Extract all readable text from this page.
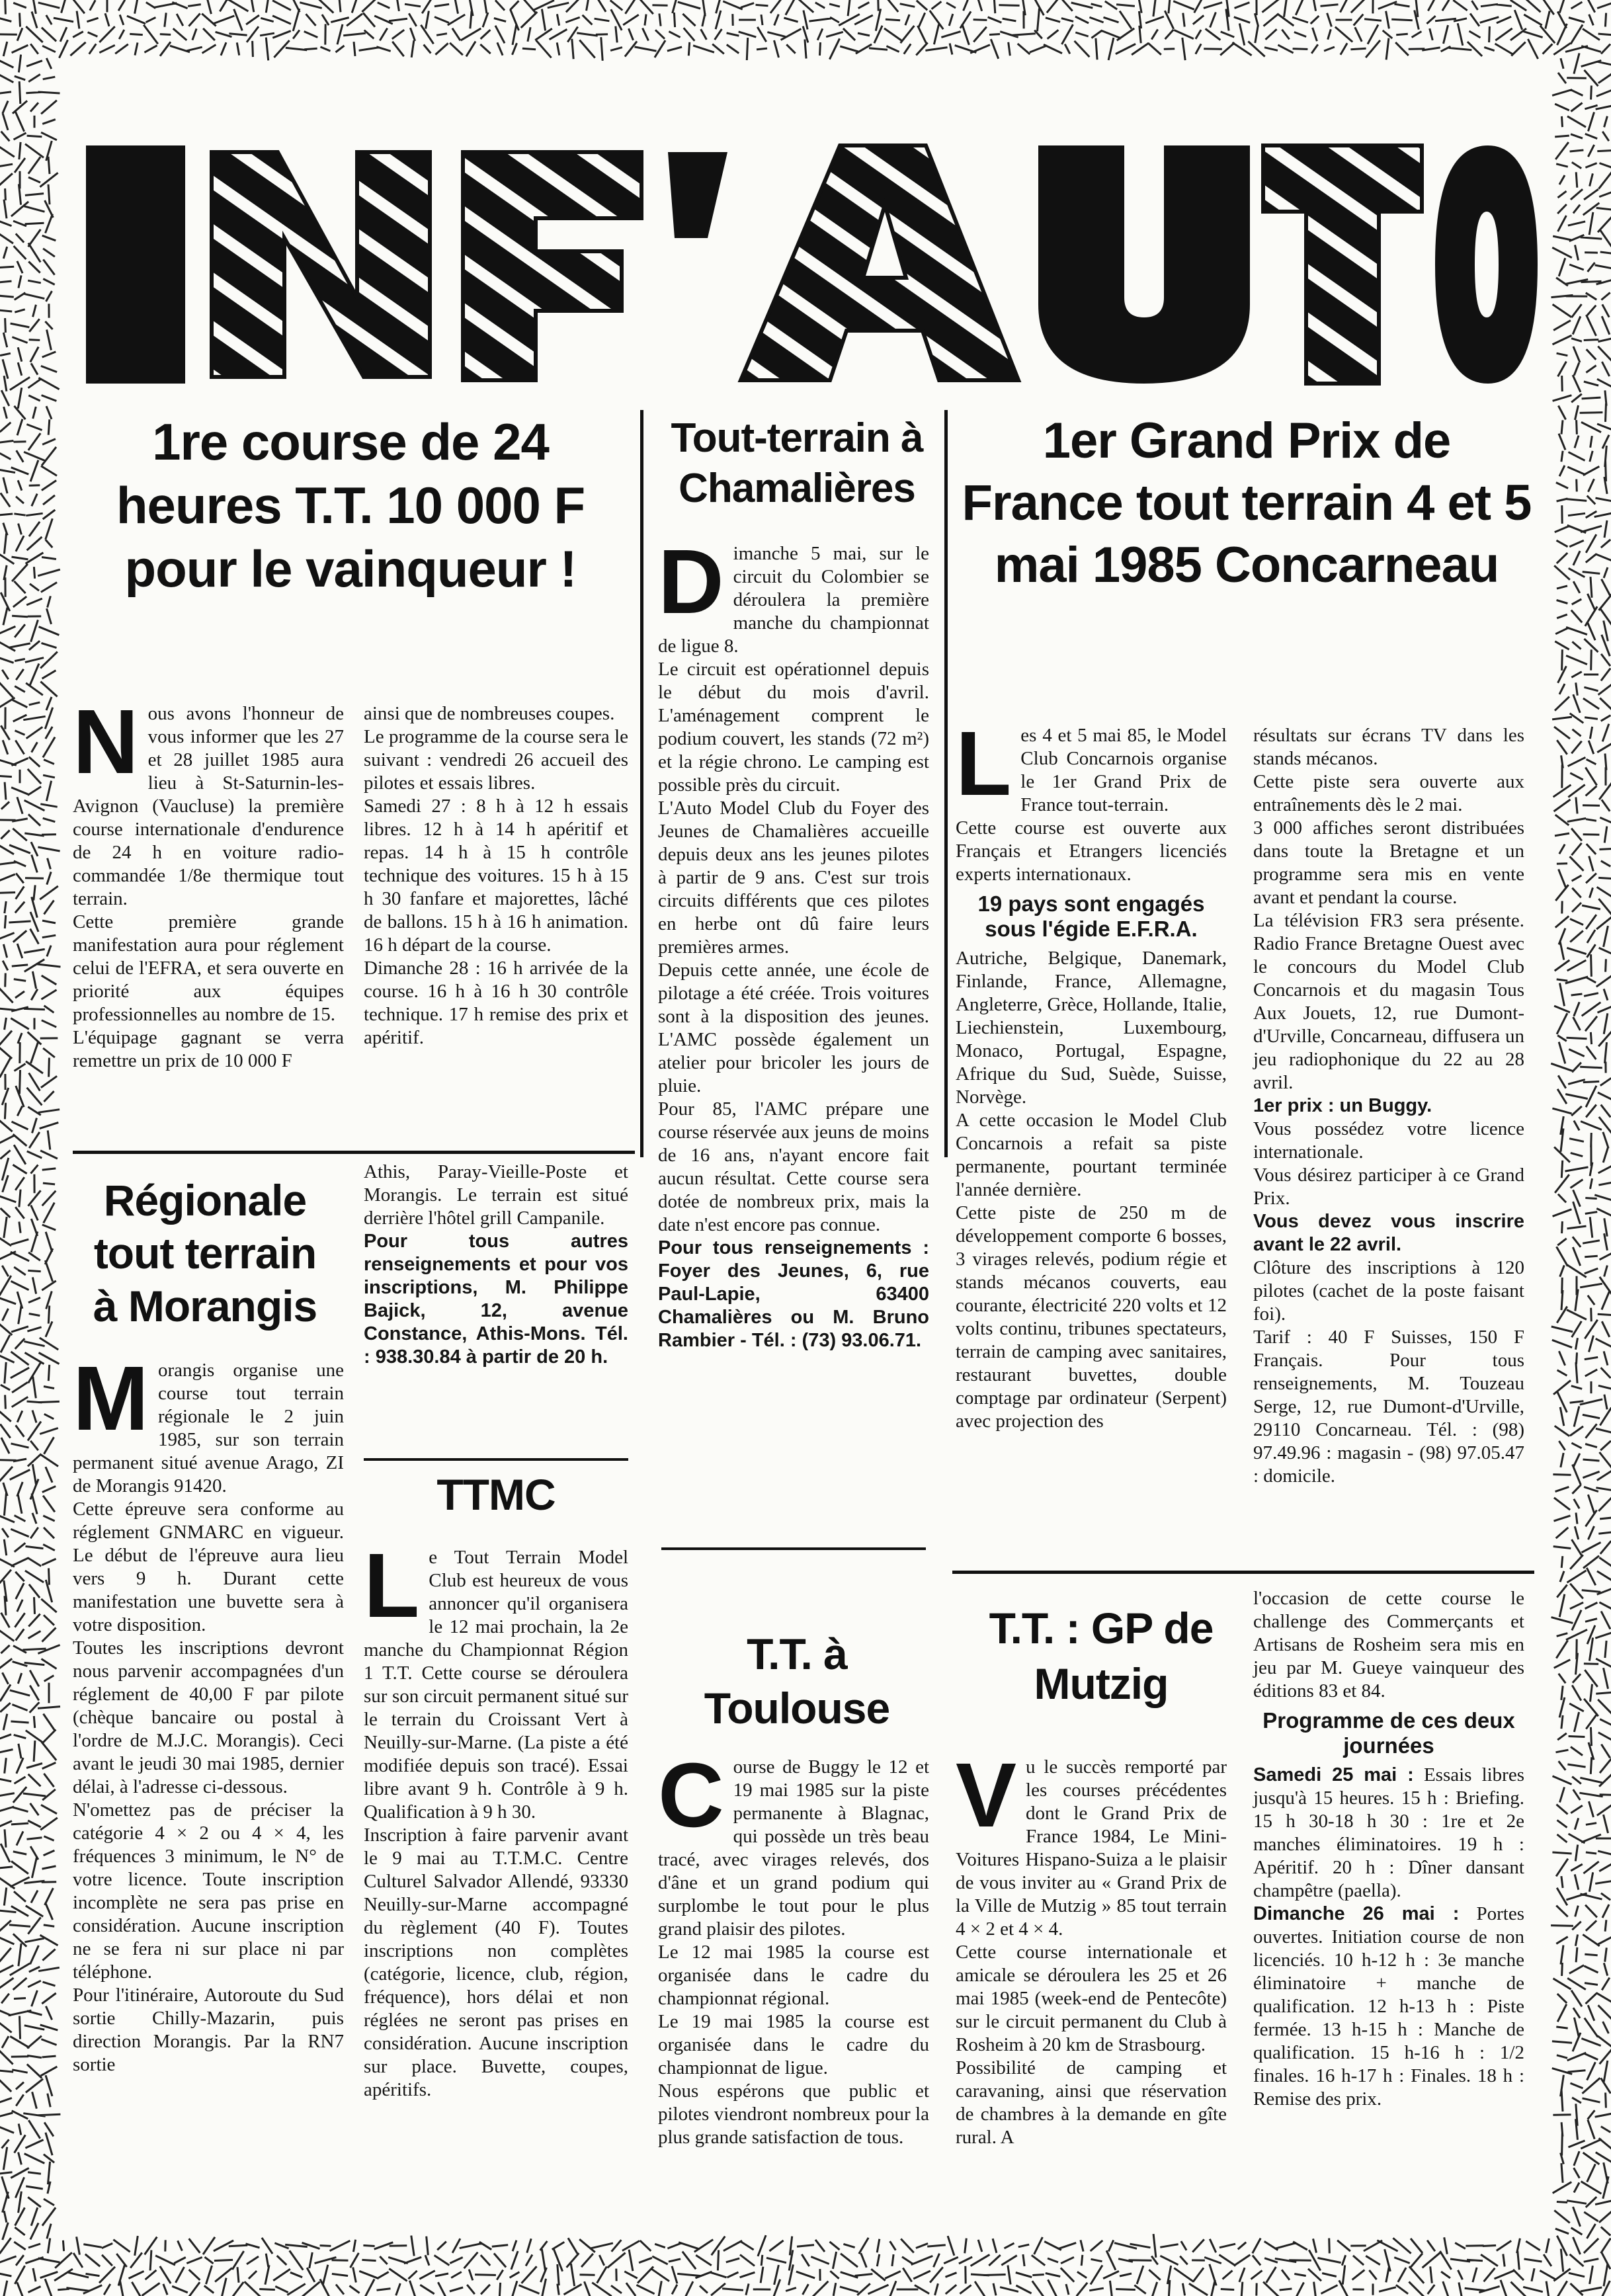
1re course de 24 heures T.T. 10 000 F pour le vainqueur !
N ous avons l'honneur de vous informer que les 27 et 28 juillet 1985 aura lieu à St-Saturnin-les-Avignon (Vaucluse) la première course internationale d'endurence de 24 h en voiture radio-commandée 1/8e thermique tout terrain.

Cette première grande manifestation aura pour réglement celui de l'EFRA, et sera ouverte en priorité aux équipes professionnelles au nombre de 15.

L'équipage gagnant se verra remettre un prix de 10 000 F

ainsi que de nombreuses coupes.

Le programme de la course sera le suivant : vendredi 26 accueil des pilotes et essais libres.

Samedi 27 : 8 h à 12 h essais libres. 12 h à 14 h apéritif et repas. 14 h à 15 h contrôle technique des voitures. 15 h à 15 h 30 fanfare et majorettes, lâché de ballons. 15 h à 16 h animation. 16 h départ de la course.

Dimanche 28 : 16 h arrivée de la course. 16 h à 16 h 30 contrôle technique. 17 h remise des prix et apéritif.

Régionale tout terrain à Morangis
M orangis organise une course tout terrain régionale le 2 juin 1985, sur son terrain permanent situé avenue Arago, ZI de Morangis 91420.

Cette épreuve sera conforme au réglement GNMARC en vigueur. Le début de l'épreuve aura lieu vers 9 h. Durant cette manifestation une buvette sera à votre disposition.

Toutes les inscriptions devront nous parvenir accompagnées d'un réglement de 40,00 F par pilote (chèque bancaire ou postal à l'ordre de M.J.C. Morangis). Ceci avant le jeudi 30 mai 1985, dernier délai, à l'adresse ci-dessous.

N'omettez pas de préciser la catégorie 4 × 2 ou 4 × 4, les fréquences 3 minimum, le N° de votre licence. Toute inscription incomplète ne sera pas prise en considération. Aucune inscription ne se fera ni sur place ni par téléphone.

Pour l'itinéraire, Autoroute du Sud sortie Chilly-Mazarin, puis direction Morangis. Par la RN7 sortie

Athis, Paray-Vieille-Poste et Morangis. Le terrain est situé derrière l'hôtel grill Campanile.

Pour tous autres renseignements et pour vos inscriptions, M. Philippe Bajick, 12, avenue Constance, Athis-Mons. Tél. : 938.30.84 à partir de 20 h.

TTMC
L e Tout Terrain Model Club est heureux de vous annoncer qu'il organisera le 12 mai prochain, la 2e manche du Championnat Région 1 T.T. Cette course se déroulera sur son circuit permanent situé sur le terrain du Croissant Vert à Neuilly-sur-Marne. (La piste a été modifiée depuis son tracé). Essai libre avant 9 h. Contrôle à 9 h. Qualification à 9 h 30.

Inscription à faire parvenir avant le 9 mai au T.T.M.C. Centre Culturel Salvador Allendé, 93330 Neuilly-sur-Marne accompagné du règlement (40 F). Toutes inscriptions non complètes (catégorie, licence, club, région, fréquence), hors délai et non réglées ne seront pas prises en considération. Aucune inscription sur place. Buvette, coupes, apéritifs.

Tout-terrain à Chamalières
D imanche 5 mai, sur le circuit du Colombier se déroulera la première manche du championnat de ligue 8.

Le circuit est opérationnel depuis le début du mois d'avril. L'aménagement comprent le podium couvert, les stands (72 m²) et la régie chrono. Le camping est possible près du circuit.

L'Auto Model Club du Foyer des Jeunes de Chamalières accueille depuis deux ans les jeunes pilotes à partir de 9 ans. C'est sur trois circuits différents que ces pilotes en herbe ont dû faire leurs premières armes.

Depuis cette année, une école de pilotage a été créée. Trois voitures sont à la disposition des jeunes. L'AMC possède également un atelier pour bricoler les jours de pluie.

Pour 85, l'AMC prépare une course réservée aux jeuns de moins de 16 ans, n'ayant encore fait aucun résultat. Cette course sera dotée de nombreux prix, mais la date n'est encore pas connue.

Pour tous renseignements : Foyer des Jeunes, 6, rue Paul-Lapie, 63400 Chamalières ou M. Bruno Rambier - Tél. : (73) 93.06.71.

T.T. à Toulouse
C ourse de Buggy le 12 et 19 mai 1985 sur la piste permanente à Blagnac, qui possède un très beau tracé, avec virages relevés, dos d'âne et un grand podium qui surplombe le tout pour le plus grand plaisir des pilotes.

Le 12 mai 1985 la course est organisée dans le cadre du championnat régional.

Le 19 mai 1985 la course est organisée dans le cadre du championnat de ligue.

Nous espérons que public et pilotes viendront nombreux pour la plus grande satisfaction de tous.

1er Grand Prix de France tout terrain 4 et 5 mai 1985 Concarneau
L es 4 et 5 mai 85, le Model Club Concarnois organise le 1er Grand Prix de France tout-terrain.

Cette course est ouverte aux Français et Etrangers licenciés experts internationaux.

19 pays sont engagés sous l'égide E.F.R.A.

Autriche, Belgique, Danemark, Finlande, France, Allemagne, Angleterre, Grèce, Hollande, Italie, Liechienstein, Luxembourg, Monaco, Portugal, Espagne, Afrique du Sud, Suède, Suisse, Norvège.

A cette occasion le Model Club Concarnois a refait sa piste permanente, pourtant terminée l'année dernière.

Cette piste de 250 m de développement comporte 6 bosses, 3 virages relevés, podium régie et stands mécanos couverts, eau courante, électricité 220 volts et 12 volts continu, tribunes spectateurs, terrain de camping avec sanitaires, restaurant buvettes, double comptage par ordinateur (Serpent) avec projection des

résultats sur écrans TV dans les stands mécanos.

Cette piste sera ouverte aux entraînements dès le 2 mai.

3 000 affiches seront distribuées dans toute la Bretagne et un programme sera mis en vente avant et pendant la course.

La télévision FR3 sera présente. Radio France Bretagne Ouest avec le concours du Model Club Concarnois et du magasin Tous Aux Jouets, 12, rue Dumont-d'Urville, Concarneau, diffusera un jeu radiophonique du 22 au 28 avril.

1er prix : un Buggy.

Vous possédez votre licence internationale.

Vous désirez participer à ce Grand Prix.

Vous devez vous inscrire avant le 22 avril.

Clôture des inscriptions à 120 pilotes (cachet de la poste faisant foi).

Tarif : 40 F Suisses, 150 F Français. Pour tous renseignements, M. Touzeau Serge, 12, rue Dumont-d'Urville, 29110 Concarneau. Tél. : (98) 97.49.96 : magasin - (98) 97.05.47 : domicile.

T.T. : GP de Mutzig
V u le succès remporté par les courses précédentes dont le Grand Prix de France 1984, Le Mini-Voitures Hispano-Suiza a le plaisir de vous inviter au « Grand Prix de la Ville de Mutzig » 85 tout terrain 4 × 2 et 4 × 4.

Cette course internationale et amicale se déroulera les 25 et 26 mai 1985 (week-end de Pentecôte) sur le circuit permanent du Club à Rosheim à 20 km de Strasbourg.

Possibilité de camping et caravaning, ainsi que réservation de chambres à la demande en gîte rural. A

l'occasion de cette course le challenge des Commerçants et Artisans de Rosheim sera mis en jeu par M. Gueye vainqueur des éditions 83 et 84.

Programme de ces deux journées

Samedi 25 mai : Essais libres jusqu'à 15 heures. 15 h : Briefing. 15 h 30-18 h 30 : 1re et 2e manches éliminatoires. 19 h : Apéritif. 20 h : Dîner dansant champêtre (paella).

Dimanche 26 mai : Portes ouvertes. Initiation course de non licenciés. 10 h-12 h : 3e manche éliminatoire + manche de qualification. 12 h-13 h : Piste fermée. 13 h-15 h : Manche de qualification. 15 h-16 h : 1/2 finales. 16 h-17 h : Finales. 18 h : Remise des prix.
